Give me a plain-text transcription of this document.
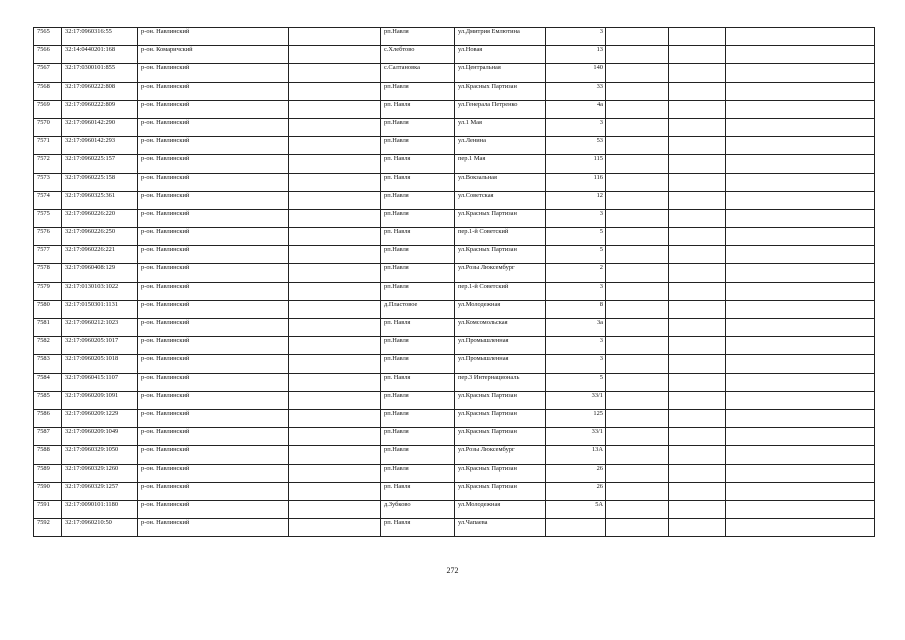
7565	32:17:0960316:55	р-он. Навлинский		рп.Навля	ул.Дмитрия Емлютина	3			
7566	32:14:0440201:168	р-он. Комаричский		с.Хлебтово	ул.Новая	13			
7567	32:17:0300101:855	р-он. Навлинский		с.Салтановка	ул.Центральная	140			
7568	32:17:0960222:808	р-он. Навлинский		рп.Навля	ул.Красных Партизан	33			
7569	32:17:0960222:809	р-он. Навлинский		рп. Навля	ул.Генерала Петренко	4а			
7570	32:17:0960142:290	р-он. Навлинский		рп.Навля	ул.1 Мая	3			
7571	32:17:0960142:293	р-он. Навлинский		рп.Навля	ул.Ленина	53			
7572	32:17:0960225:157	р-он. Навлинский		рп. Навля	пер.1 Мая	115			
7573	32:17:0960225:158	р-он. Навлинский		рп. Навля	ул.Вокзальная	116			
7574	32:17:0960325:361	р-он. Навлинский		рп.Навля	ул.Советская	12			
7575	32:17:0960226:220	р-он. Навлинский		рп.Навля	ул.Красных Партизан	3			
7576	32:17:0960226:250	р-он. Навлинский		рп. Навля	пер.1-й Советский	5			
7577	32:17:0960226:221	р-он. Навлинский		рп.Навля	ул.Красных Партизан	5			
7578	32:17:0960408:129	р-он. Навлинский		рп.Навля	ул.Розы Люксембург	2			
7579	32:17:0130103:1022	р-он. Навлинский		рп.Навля	пер.1-й Советский	3			
7580	32:17:0150301:1131	р-он. Навлинский		д.Пластовое	ул.Молодежная	8			
7581	32:17:0960212:1023	р-он. Навлинский		рп. Навля	ул.Комсомольская	3а			
7582	32:17:0960205:1017	р-он. Навлинский		рп.Навля	ул.Промышленная	3			
7583	32:17:0960205:1018	р-он. Навлинский		рп.Навля	ул.Промышленная	3			
7584	32:17:0960415:1107	р-он. Навлинский		рп. Навля	пер.3 Интернациональ	5			
7585	32:17:0960209:1091	р-он. Навлинский		рп.Навля	ул.Красных Партизан	33/1			
7586	32:17:0960209:1229	р-он. Навлинский		рп.Навля	ул.Красных Партизан	125			
7587	32:17:0960209:1049	р-он. Навлинский		рп.Навля	ул.Красных Партизан	33/1			
7588	32:17:0960329:1050	р-он. Навлинский		рп.Навля	ул.Розы Люксембург	13А			
7589	32:17:0960329:1260	р-он. Навлинский		рп.Навля	ул.Красных Партизан	26			
7590	32:17:0960329:1257	р-он. Навлинский		рп. Навля	ул.Красных Партизан	26			
7591	32:17:0090101:1180	р-он. Навлинский		д.Зубково	ул.Молодежная	5А			
7592	32:17:0960210:50	р-он. Навлинский		рп. Навля	ул.Чапаева				
272
